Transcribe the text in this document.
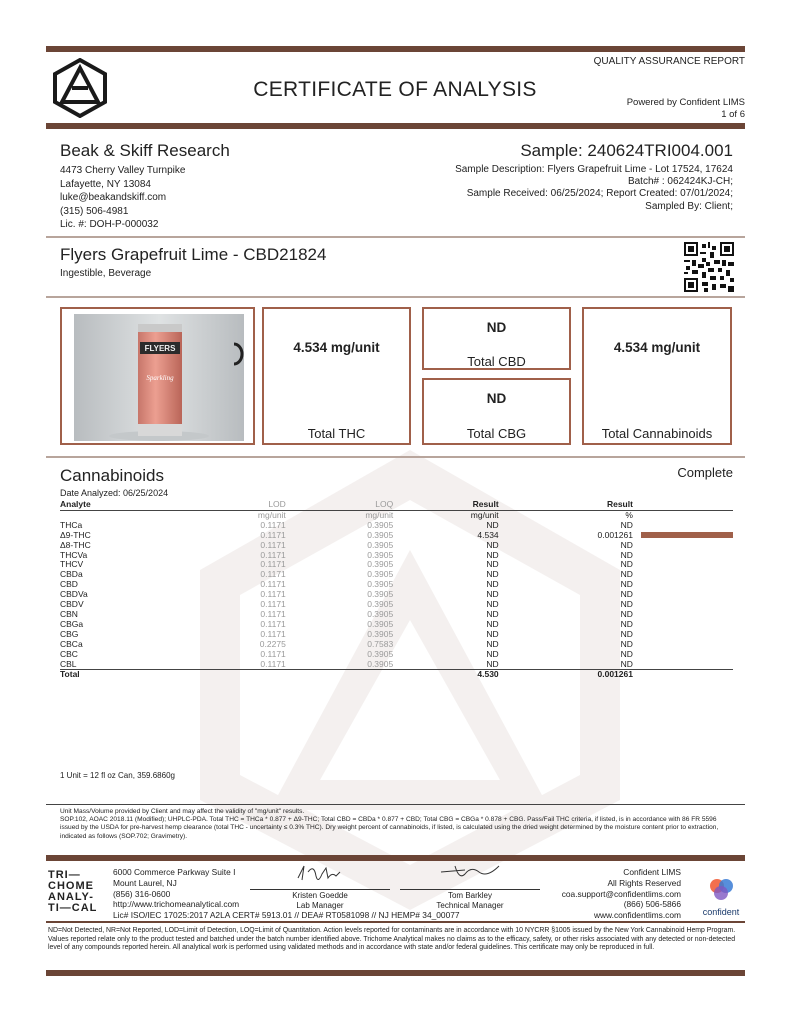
QUALITY ASSURANCE REPORT
CERTIFICATE OF ANALYSIS
Powered by Confident LIMS
1 of 6
Beak & Skiff Research
4473 Cherry Valley Turnpike
Lafayette, NY 13084
luke@beakandskiff.com
(315) 506-4981
Lic. #: DOH-P-000032
Sample: 240624TRI004.001
Sample Description: Flyers Grapefruit Lime - Lot 17524, 17624
Batch# : 062424KJ-CH;
Sample Received: 06/25/2024; Report Created: 07/01/2024;
Sampled By: Client;
Flyers Grapefruit Lime - CBD21824
Ingestible, Beverage
FLYERS
Sparkling
4.534 mg/unit
Total THC
ND
Total CBD
ND
Total CBG
4.534 mg/unit
Total Cannabinoids
Cannabinoids	Complete
Date Analyzed: 06/25/2024
Analyte	LOD	LOQ	Result	Result	
	mg/unit	mg/unit	mg/unit	%	
THCa	0.1171	0.3905	ND	ND	
Δ9-THC	0.1171	0.3905	4.534	0.001261	
Δ8-THC	0.1171	0.3905	ND	ND	
THCVa	0.1171	0.3905	ND	ND	
THCV	0.1171	0.3905	ND	ND	
CBDa	0.1171	0.3905	ND	ND	
CBD	0.1171	0.3905	ND	ND	
CBDVa	0.1171	0.3905	ND	ND	
CBDV	0.1171	0.3905	ND	ND	
CBN	0.1171	0.3905	ND	ND	
CBGa	0.1171	0.3905	ND	ND	
CBG	0.1171	0.3905	ND	ND	
CBCa	0.2275	0.7583	ND	ND	
CBC	0.1171	0.3905	ND	ND	
CBL	0.1171	0.3905	ND	ND	
Total			4.530	0.001261	
1 Unit = 12 fl oz Can, 359.6860g
Unit Mass/Volume provided by Client and may affect the validity of "mg/unit" results.
SOP.102, AOAC 2018.11 (Modified); UHPLC-PDA. Total THC = THCa * 0.877 + Δ9-THC; Total CBD = CBDa * 0.877 + CBD; Total CBG = CBGa * 0.878 + CBG. Pass/Fail THC criteria, if listed, is in accordance with 86 FR 5596 issued by the USDA for pre-harvest hemp clearance (total THC - uncertainty ≤ 0.3% THC). Dry weight percent of cannabinoids, if listed, is calculated using the dried weight determined by the moisture content prior to extraction, indicated as follows (SOP.702; Gravimetry).
TRI—
CHOME
ANALY-
TI—CAL
6000 Commerce Parkway Suite I
Mount Laurel, NJ
(856) 316-0600
http://www.trichomeanalytical.com
Lic# ISO/IEC 17025:2017 A2LA CERT# 5913.01 // DEA# RT0581098 // NJ HEMP# 34_00077
Kristen Goedde
Lab Manager
Tom Barkley
Technical Manager
Confident LIMS
All Rights Reserved
coa.support@confidentlims.com
(866) 506-5866
www.confidentlims.com	confident
ND=Not Detected, NR=Not Reported, LOD=Limit of Detection, LOQ=Limit of Quantitation. Action levels reported for contaminants are in accordance with 10 NYCRR §1005 issued by the New York Cannabinoid Hemp Program. Values reported relate only to the product tested and batched under the batch number identified above. Trichome Analytical makes no claims as to the efficacy, safety, or other risks associated with any detected or non-detected level of any compounds reported herein. All analytical work is performed using validated methods and in accordance with state and/or federal guidelines. This certificate may only be reproduced in full.
